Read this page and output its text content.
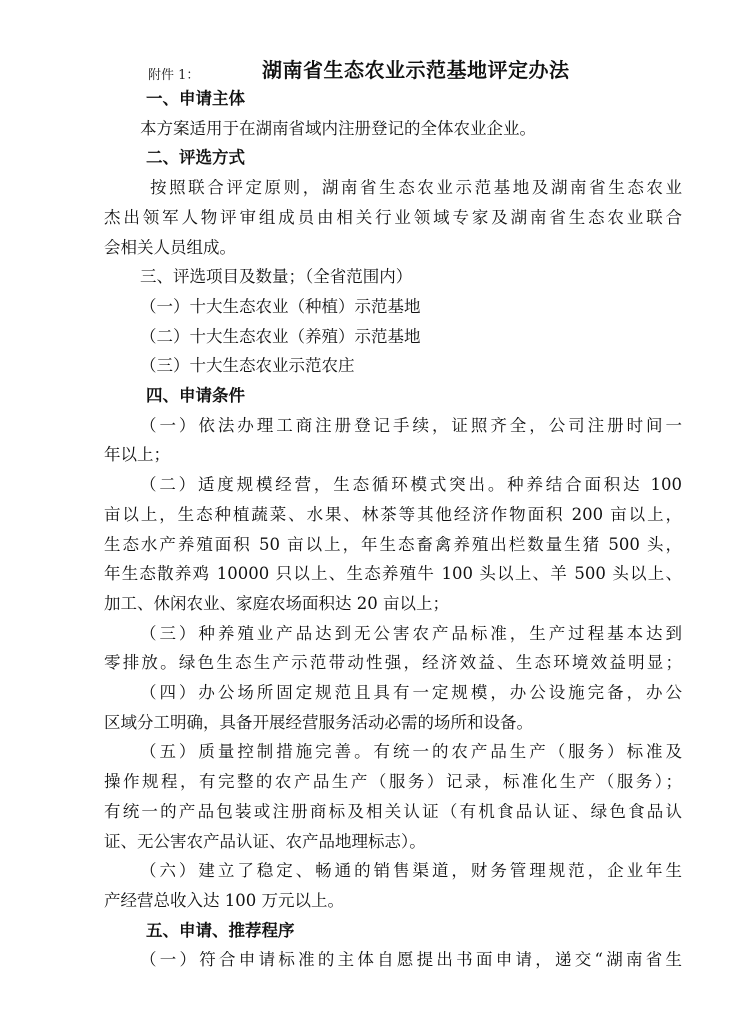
附件 1：	湖南省生态农业示范基地评定办法
一、申请主体
本方案适用于在湖南省域内注册登记的全体农业企业。
二、评选方式
按照联合评定原则，湖南省生态农业示范基地及湖南省生态农业
杰出领军人物评审组成员由相关行业领域专家及湖南省生态农业联合
会相关人员组成。
三、评选项目及数量；（全省范围内）
（一）十大生态农业（种植）示范基地
（二）十大生态农业（养殖）示范基地
（三）十大生态农业示范农庄
四、申请条件
（一）依法办理工商注册登记手续，证照齐全，公司注册时间一
年以上；
（二）适度规模经营，生态循环模式突出。种养结合面积达 100
亩以上，生态种植蔬菜、水果、林茶等其他经济作物面积 200 亩以上，
生态水产养殖面积 50 亩以上，年生态畜禽养殖出栏数量生猪 500 头，
年生态散养鸡 10000 只以上、生态养殖牛 100 头以上、羊 500 头以上、
加工、休闲农业、家庭农场面积达 20 亩以上；
（三）种养殖业产品达到无公害农产品标准，生产过程基本达到
零排放。绿色生态生产示范带动性强，经济效益、生态环境效益明显；
（四）办公场所固定规范且具有一定规模，办公设施完备，办公
区域分工明确，具备开展经营服务活动必需的场所和设备。
（五）质量控制措施完善。有统一的农产品生产（服务）标准及
操作规程，有完整的农产品生产（服务）记录，标准化生产（服务）；
有统一的产品包装或注册商标及相关认证（有机食品认证、绿色食品认
证、无公害农产品认证、农产品地理标志）。
（六）建立了稳定、畅通的销售渠道，财务管理规范，企业年生
产经营总收入达 100 万元以上。
五、申请、推荐程序
（一）符合申请标准的主体自愿提出书面申请，递交“湖南省生
